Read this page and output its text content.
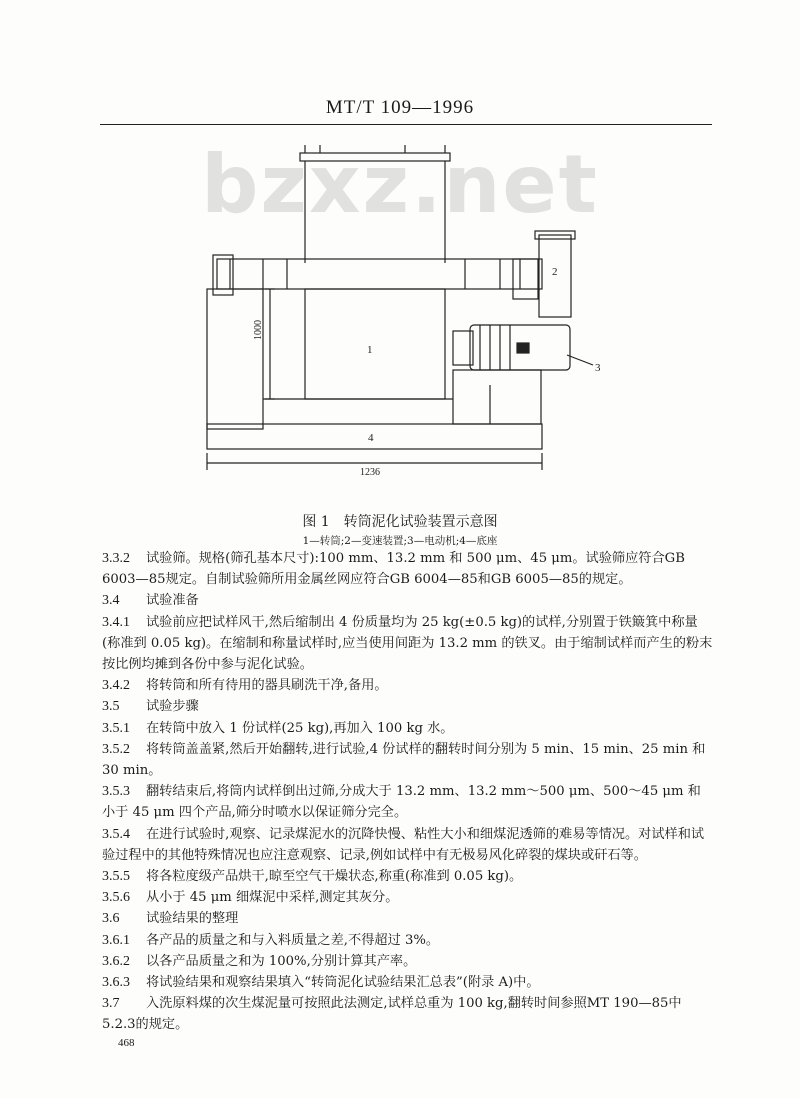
MT/T 109—1996
bzxz.net
1
2
3
4
1000
1236
图 1 转筒泥化试验装置示意图
1—转筒;2—变速装置;3—电动机;4—底座

3.3.2 试验筛。规格(筛孔基本尺寸):100 mm、13.2 mm 和 500 μm、45 μm。试验筛应符合GB 6003—85规定。自制试验筛所用金属丝网应符合GB 6004—85和GB 6005—85的规定。

3.4 试验准备

3.4.1 试验前应把试样风干,然后缩制出 4 份质量均为 25 kg(±0.5 kg)的试样,分别置于铁簸箕中称量(称准到 0.05 kg)。在缩制和称量试样时,应当使用间距为 13.2 mm 的铁叉。由于缩制试样而产生的粉末按比例均摊到各份中参与泥化试验。

3.4.2 将转筒和所有待用的器具刷洗干净,备用。

3.5 试验步骤

3.5.1 在转筒中放入 1 份试样(25 kg),再加入 100 kg 水。

3.5.2 将转筒盖盖紧,然后开始翻转,进行试验,4 份试样的翻转时间分别为 5 min、15 min、25 min 和 30 min。

3.5.3 翻转结束后,将筒内试样倒出过筛,分成大于 13.2 mm、13.2 mm～500 μm、500～45 μm 和小于 45 μm 四个产品,筛分时喷水以保证筛分完全。

3.5.4 在进行试验时,观察、记录煤泥水的沉降快慢、粘性大小和细煤泥透筛的难易等情况。对试样和试验过程中的其他特殊情况也应注意观察、记录,例如试样中有无极易风化碎裂的煤块或矸石等。

3.5.5 将各粒度级产品烘干,晾至空气干燥状态,称重(称准到 0.05 kg)。

3.5.6 从小于 45 μm 细煤泥中采样,测定其灰分。

3.6 试验结果的整理

3.6.1 各产品的质量之和与入料质量之差,不得超过 3%。

3.6.2 以各产品质量之和为 100%,分别计算其产率。

3.6.3 将试验结果和观察结果填入“转筒泥化试验结果汇总表”(附录 A)中。

3.7 入洗原料煤的次生煤泥量可按照此法测定,试样总重为 100 kg,翻转时间参照MT 190—85中5.2.3的规定。

468
